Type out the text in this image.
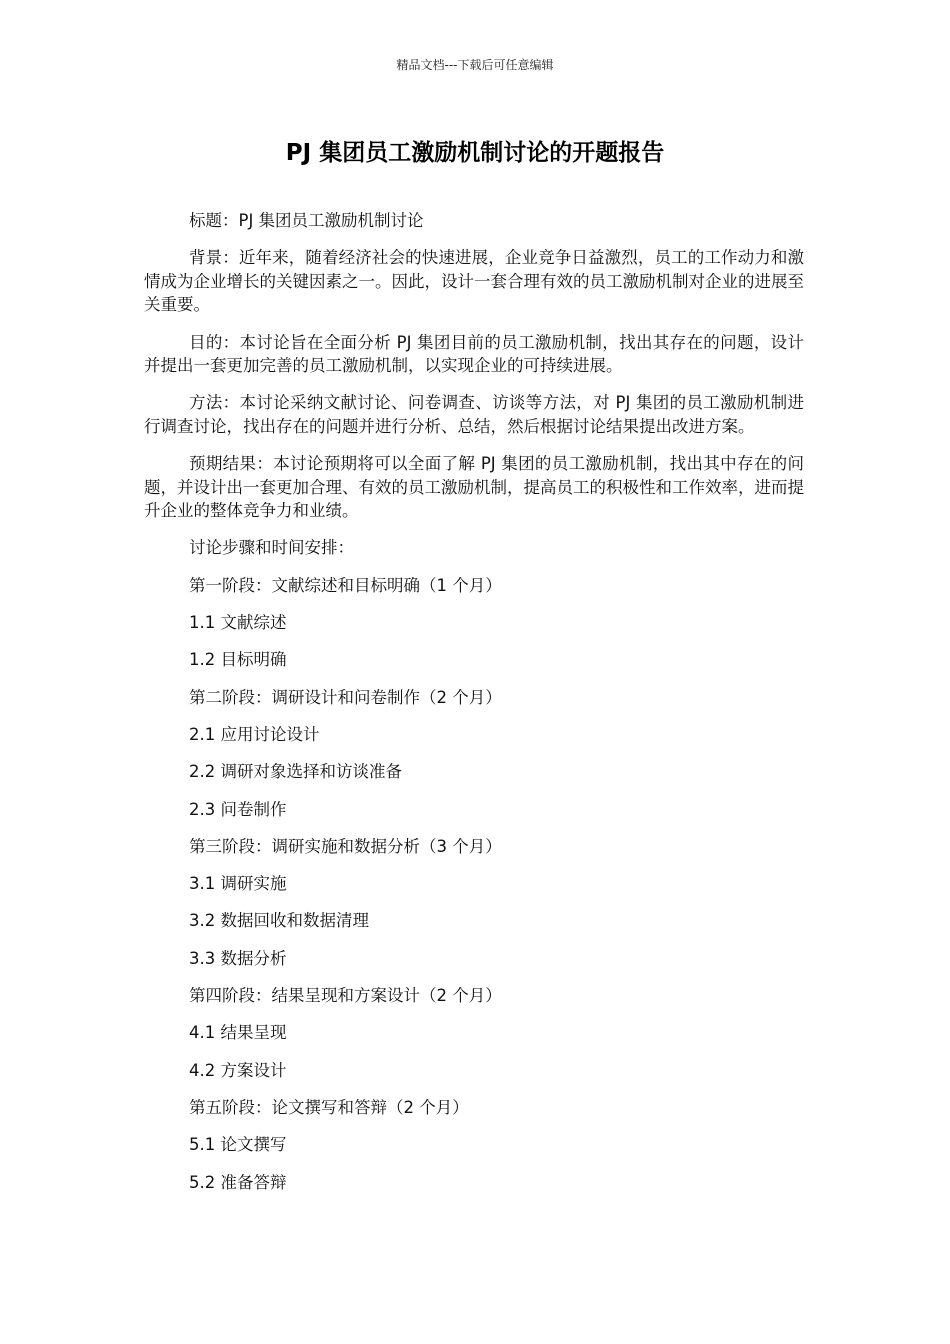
精品文档---下载后可任意编辑
PJ 集团员工激励机制讨论的开题报告

标题：PJ 集团员工激励机制讨论

背景：近年来，随着经济社会的快速进展，企业竞争日益激烈，员工的工作动力和激情成为企业增长的关键因素之一。因此，设计一套合理有效的员工激励机制对企业的进展至关重要。

目的：本讨论旨在全面分析 PJ 集团目前的员工激励机制，找出其存在的问题，设计并提出一套更加完善的员工激励机制，以实现企业的可持续进展。

方法：本讨论采纳文献讨论、问卷调查、访谈等方法，对 PJ 集团的员工激励机制进行调查讨论，找出存在的问题并进行分析、总结，然后根据讨论结果提出改进方案。

预期结果：本讨论预期将可以全面了解 PJ 集团的员工激励机制，找出其中存在的问题，并设计出一套更加合理、有效的员工激励机制，提高员工的积极性和工作效率，进而提升企业的整体竞争力和业绩。

讨论步骤和时间安排：
第一阶段：文献综述和目标明确（1 个月）
1.1 文献综述
1.2 目标明确
第二阶段：调研设计和问卷制作（2 个月）
2.1 应用讨论设计
2.2 调研对象选择和访谈准备
2.3 问卷制作
第三阶段：调研实施和数据分析（3 个月）
3.1 调研实施
3.2 数据回收和数据清理
3.3 数据分析
第四阶段：结果呈现和方案设计（2 个月）
4.1 结果呈现
4.2 方案设计
第五阶段：论文撰写和答辩（2 个月）
5.1 论文撰写
5.2 准备答辩
